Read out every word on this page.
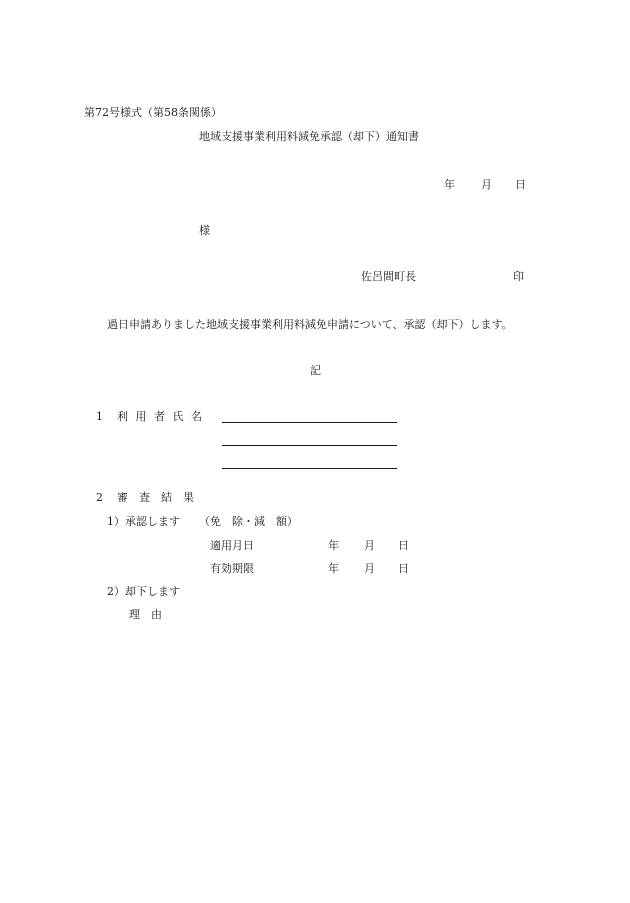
第72号様式（第58条関係）
地域支援事業利用料減免承認（却下）通知書
年 月 日
様
佐呂間町長	印
過日申請ありました地域支援事業利用料減免申請について、承認（却下）します。
記
1 利 用 者 氏 名
2 審　査　結　果
1）承認します （免　除・減　額）
適用月日	年 月 日
有効期限	年 月 日
2）却下します
理　由
